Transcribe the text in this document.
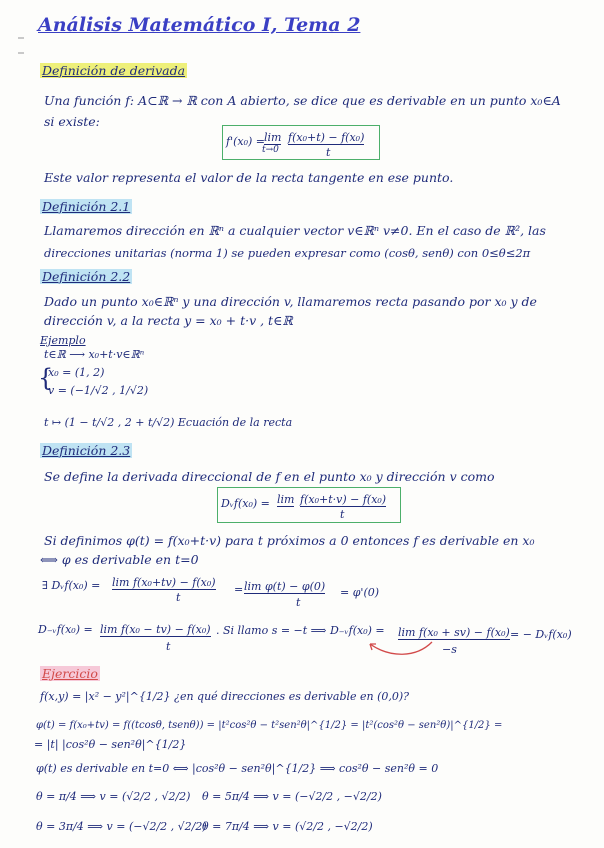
Análisis Matemático I, Tema 2
Definición de derivada
Una función f: A⊂ℝ → ℝ con A abierto, se dice que es derivable en un punto x₀∈A
si existe:
f'(x₀) =
lim
t→0
f(x₀+t) − f(x₀)
t
Este valor representa el valor de la recta tangente en ese punto.
Definición 2.1
Llamaremos dirección en ℝⁿ a cualquier vector v∈ℝⁿ v≠0. En el caso de ℝ², las
direcciones unitarias (norma 1) se pueden expresar como (cosθ, senθ) con 0≤θ≤2π
Definición 2.2
Dado un punto x₀∈ℝⁿ y una dirección v, llamaremos recta pasando por x₀ y de
dirección v, a la recta y = x₀ + t·v , t∈ℝ
Ejemplo
t∈ℝ ⟶ x₀+t·v∈ℝⁿ
{
x₀ = (1, 2)
v = (−1/√2 , 1/√2)
t ↦ (1 − t/√2 , 2 + t/√2) Ecuación de la recta
Definición 2.3
Se define la derivada direccional de f en el punto x₀ y dirección v como
Dᵥf(x₀) = lim f(x₀+t·v) − f(x₀)
t
Si definimos φ(t) = f(x₀+t·v) para t próximos a 0 entonces f es derivable en x₀
⟺ φ es derivable en t=0
∃ Dᵥf(x₀) = lim f(x₀+tv) − f(x₀)
t
= lim φ(t) − φ(0)
t
= φ'(0)
D₋ᵥf(x₀) = lim f(x₀ − tv) − f(x₀)
t
. Si llamo s = −t ⟹ D₋ᵥf(x₀) = lim f(x₀ + sv) − f(x₀)
−s
= − Dᵥf(x₀)
Ejercicio
f(x,y) = |x² − y²|^{1/2} ¿en qué direcciones es derivable en (0,0)?
φ(t) = f(x₀+tv) = f((tcosθ, tsenθ)) = |t²cos²θ − t²sen²θ|^{1/2} = |t²(cos²θ − sen²θ)|^{1/2} =
= |t| |cos²θ − sen²θ|^{1/2}
φ(t) es derivable en t=0 ⟺ |cos²θ − sen²θ|^{1/2} ⟹ cos²θ − sen²θ = 0
θ = π/4 ⟹ v = (√2/2 , √2/2) θ = 5π/4 ⟹ v = (−√2/2 , −√2/2)
θ = 3π/4 ⟹ v = (−√2/2 , √2/2)
θ = 7π/4 ⟹ v = (√2/2 , −√2/2)
